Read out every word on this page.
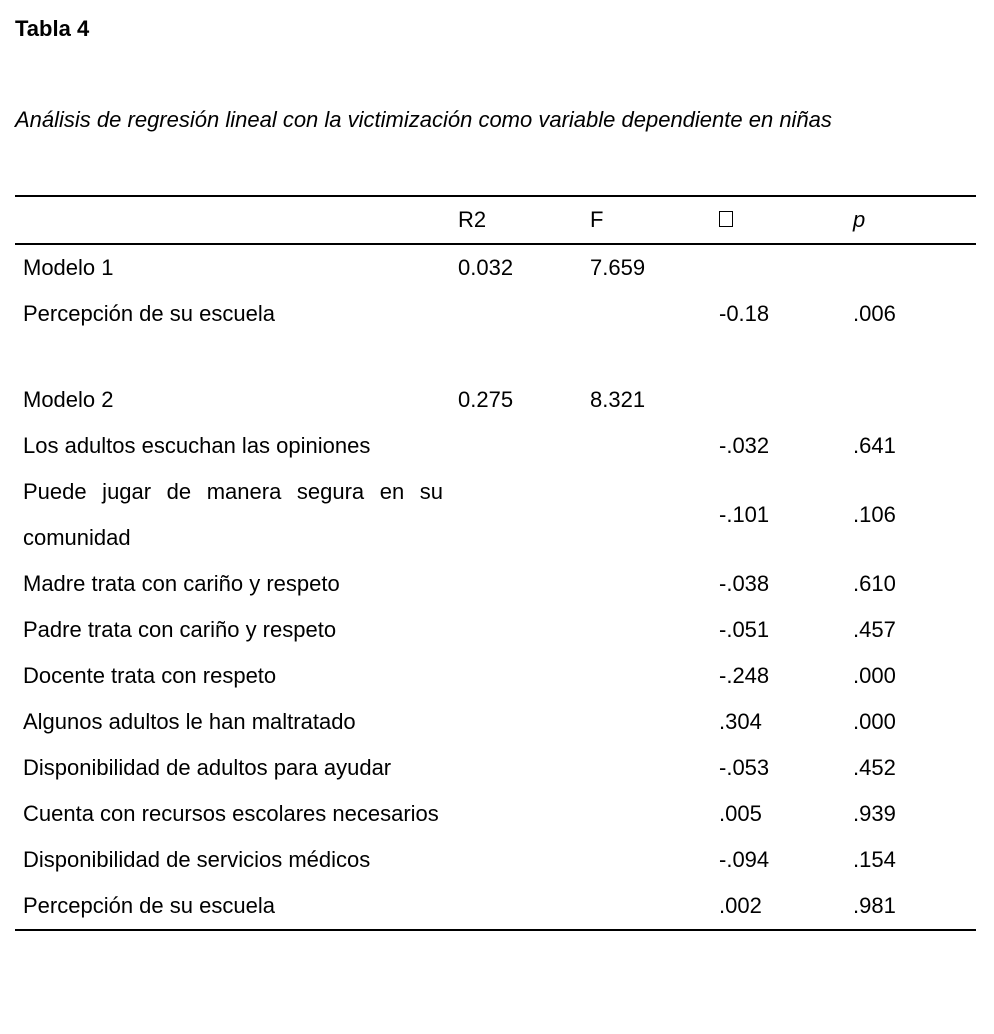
Tabla 4
Análisis de regresión lineal con la victimización como variable dependiente en niñas
	R2	F		p
Modelo 1	0.032	7.659		
Percepción de su escuela			-0.18	.006

Modelo 2	0.275	8.321		
Los adultos escuchan las opiniones			-.032	.641

Puede jugar de manera segura en su comunidad			-.101	.106
Madre trata con cariño y respeto			-.038	.610
Padre trata con cariño y respeto			-.051	.457
Docente trata con respeto			-.248	.000
Algunos adultos le han maltratado			.304	.000

Disponibilidad de adultos para ayudar			-.053	.452

Cuenta con recursos escolares necesarios			.005	.939
Disponibilidad de servicios médicos			-.094	.154
Percepción de su escuela			.002	.981
